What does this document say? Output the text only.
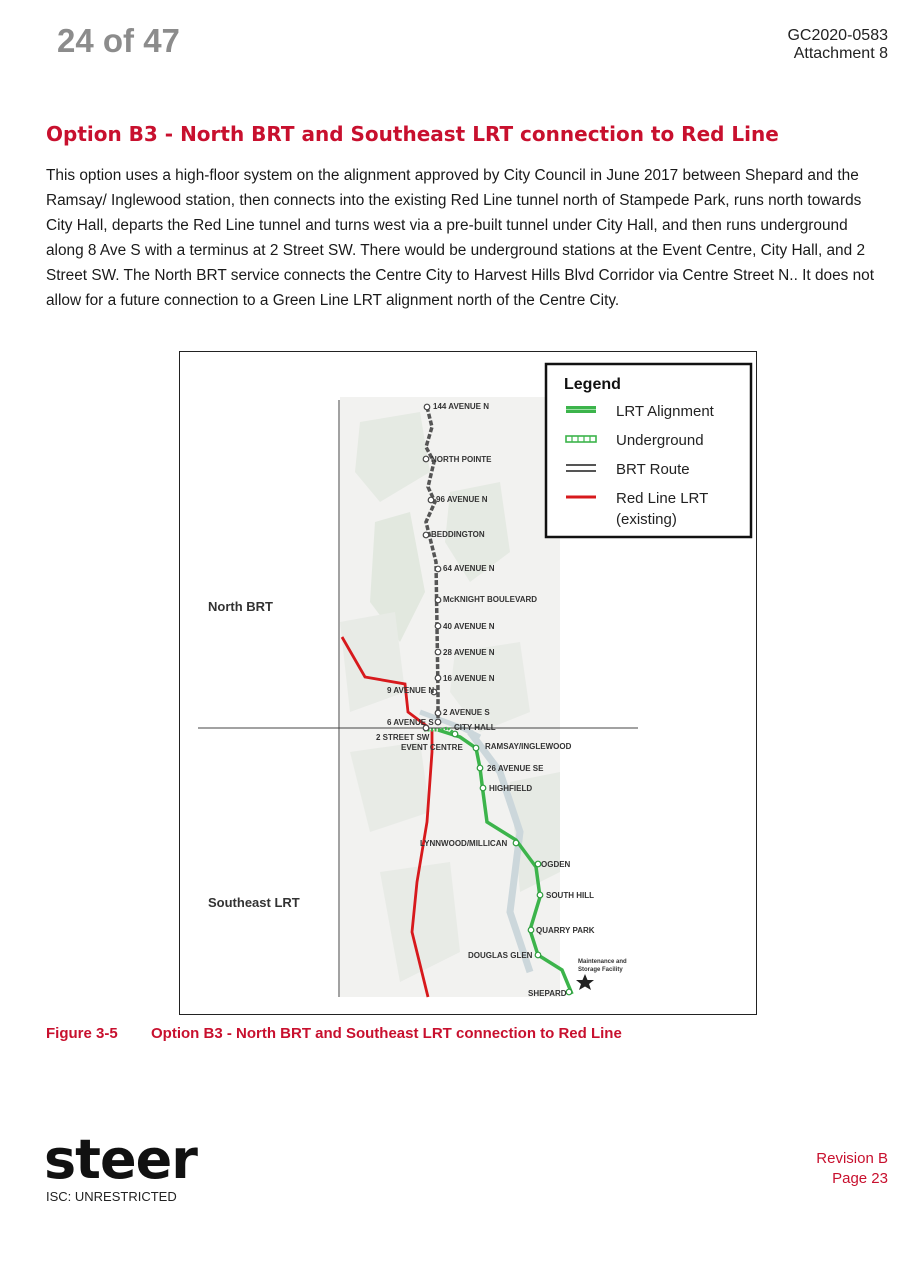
24 of 47	GC2020-0583
Attachment 8
Option B3 - North BRT and Southeast LRT connection to Red Line

This option uses a high-floor system on the alignment approved by City Council in June 2017 between Shepard and the Ramsay/ Inglewood station, then connects into the existing Red Line tunnel north of Stampede Park, runs north towards City Hall, departs the Red Line tunnel and turns west via a pre-built tunnel under City Hall, and then runs underground along 8 Ave S with a terminus at 2 Street SW. There would be underground stations at the Event Centre, City Hall, and 2 Street SW. The North BRT service connects the Centre City to Harvest Hills Blvd Corridor via Centre Street N.. It does not allow for a future connection to a Green Line LRT alignment north of the Centre City.

144 AVENUE N
NORTH POINTE
96 AVENUE N
BEDDINGTON
64 AVENUE N
McKNIGHT BOULEVARD
40 AVENUE N
28 AVENUE N
16 AVENUE N
9 AVENUE N
2 AVENUE S
6 AVENUE S
CITY HALL
2 STREET SW
EVENT CENTRE	RAMSAY/INGLEWOOD
26 AVENUE SE
HIGHFIELD
LYNNWOOD/MILLICAN
OGDEN
SOUTH HILL
QUARRY PARK
DOUGLAS GLEN
SHEPARD
Maintenance and
Storage Facility
North BRT
Southeast LRT
Legend
LRT Alignment
Underground
BRT Route
Red Line LRT
(existing)
Figure 3-5 Option B3 - North BRT and Southeast LRT connection to Red Line
steer
ISC: UNRESTRICTED
Revision B
Page 23
